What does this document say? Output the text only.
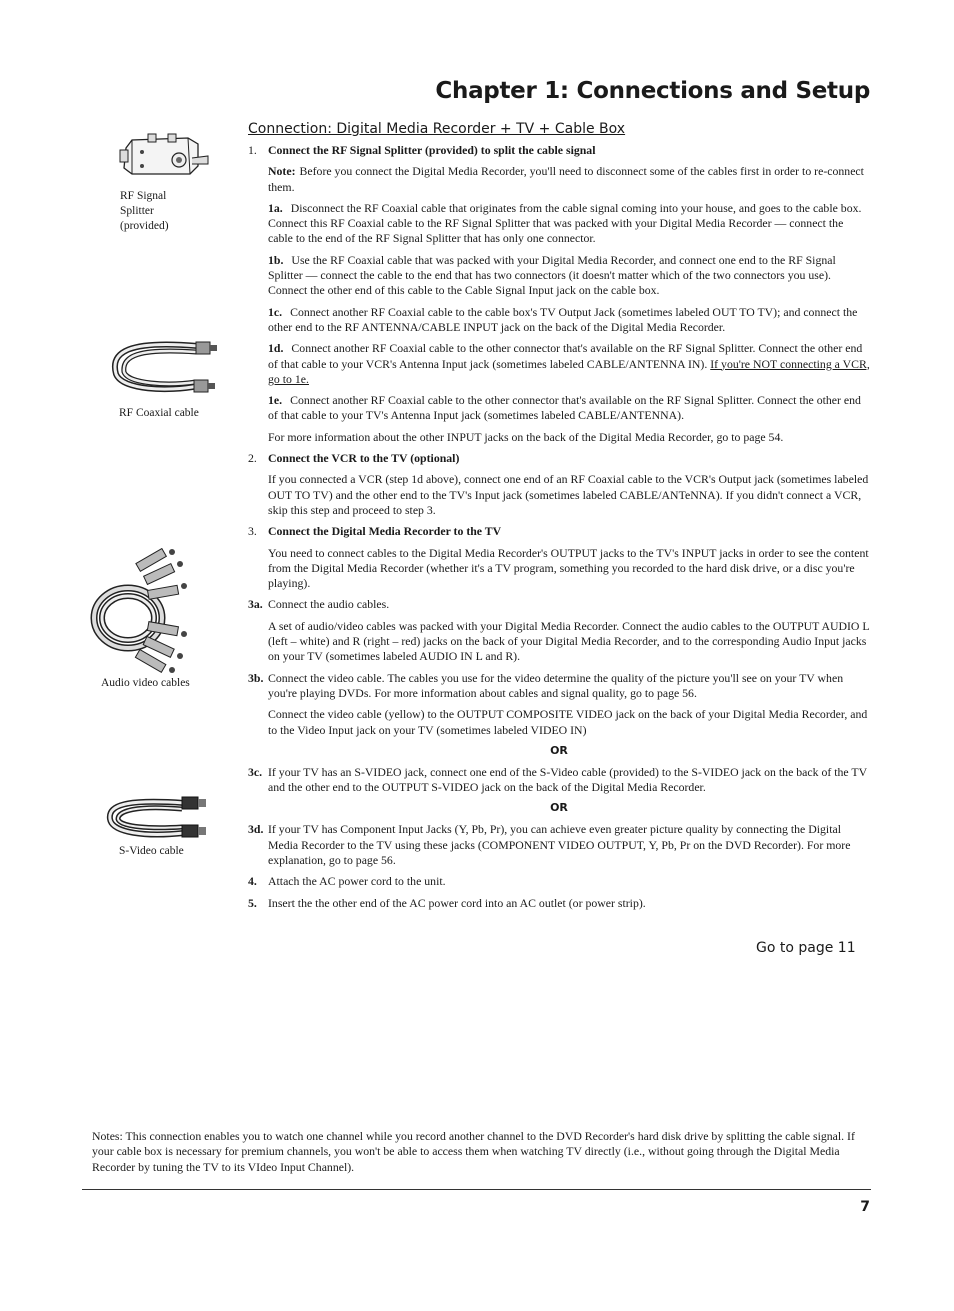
Chapter 1: Connections and Setup
RF Signal Splitter (provided)
RF Coaxial cable
Audio video cables
S-Video cable
Connection: Digital Media Recorder + TV + Cable Box
1. Connect the RF Signal Splitter (provided) to split the cable signal

Note: Before you connect the Digital Media Recorder, you'll need to disconnect some of the cables first in order to re-connect them.

1a. Disconnect the RF Coaxial cable that originates from the cable signal coming into your house, and goes to the cable box. Connect this RF Coaxial cable to the RF Signal Splitter that was packed with your Digital Media Recorder — connect the cable to the end of the RF Signal Splitter that has only one connector.

1b. Use the RF Coaxial cable that was packed with your Digital Media Recorder, and connect one end to the RF Signal Splitter — connect the cable to the end that has two connectors (it doesn't matter which of the two connectors you use). Connect the other end of this cable to the Cable Signal Input jack on the cable box.

1c. Connect another RF Coaxial cable to the cable box's TV Output Jack (sometimes labeled OUT TO TV); and connect the other end to the RF ANTENNA/CABLE INPUT jack on the back of the Digital Media Recorder.

1d. Connect another RF Coaxial cable to the other connector that's available on the RF Signal Splitter. Connect the other end of that cable to your VCR's Antenna Input jack (sometimes labeled CABLE/ANTENNA IN). If you're NOT connecting a VCR, go to 1e.

1e. Connect another RF Coaxial cable to the other connector that's available on the RF Signal Splitter. Connect the other end of that cable to your TV's Antenna Input jack (sometimes labeled CABLE/ANTENNA).

For more information about the other INPUT jacks on the back of the Digital Media Recorder, go to page 54.

2. Connect the VCR to the TV (optional)

If you connected a VCR (step 1d above), connect one end of an RF Coaxial cable to the VCR's Output jack (sometimes labeled OUT TO TV) and the other end to the TV's Input jack (sometimes labeled CABLE/ANTeNNA). If you didn't connect a VCR, skip this step and proceed to step 3.

3. Connect the Digital Media Recorder to the TV

You need to connect cables to the Digital Media Recorder's OUTPUT jacks to the TV's INPUT jacks in order to see the content from the Digital Media Recorder (whether it's a TV program, something you recorded to the hard disk drive, or a disc you're playing).

3a. Connect the audio cables.

A set of audio/video cables was packed with your Digital Media Recorder. Connect the audio cables to the OUTPUT AUDIO L (left – white) and R (right – red) jacks on the back of your Digital Media Recorder, and to the corresponding Audio Input jacks on your TV (sometimes labeled AUDIO IN L and R).

3b. Connect the video cable. The cables you use for the video determine the quality of the picture you'll see on your TV when you're playing DVDs. For more information about cables and signal quality, go to page 56.

Connect the video cable (yellow) to the OUTPUT COMPOSITE VIDEO jack on the back of your Digital Media Recorder, and to the Video Input jack on your TV (sometimes labeled VIDEO IN)

OR
3c. If your TV has an S-VIDEO jack, connect one end of the S-Video cable (provided) to the S-VIDEO jack on the back of the TV and the other end to the OUTPUT S-VIDEO jack on the back of the Digital Media Recorder.
OR
3d. If your TV has Component Input Jacks (Y, Pb, Pr), you can achieve even greater picture quality by connecting the Digital Media Recorder to the TV using these jacks (COMPONENT VIDEO OUTPUT, Y, Pb, Pr on the DVD Recorder). For more explanation, go to page 56.
4. Attach the AC power cord to the unit.
5. Insert the the other end of the AC power cord into an AC outlet (or power strip).
Go to page 11
Notes: This connection enables you to watch one channel while you record another channel to the DVD Recorder's hard disk drive by splitting the cable signal. If your cable box is necessary for premium channels, you won't be able to access them when watching TV directly (i.e., without going through the Digital Media Recorder by tuning the TV to its VIdeo Input Channel).
7
